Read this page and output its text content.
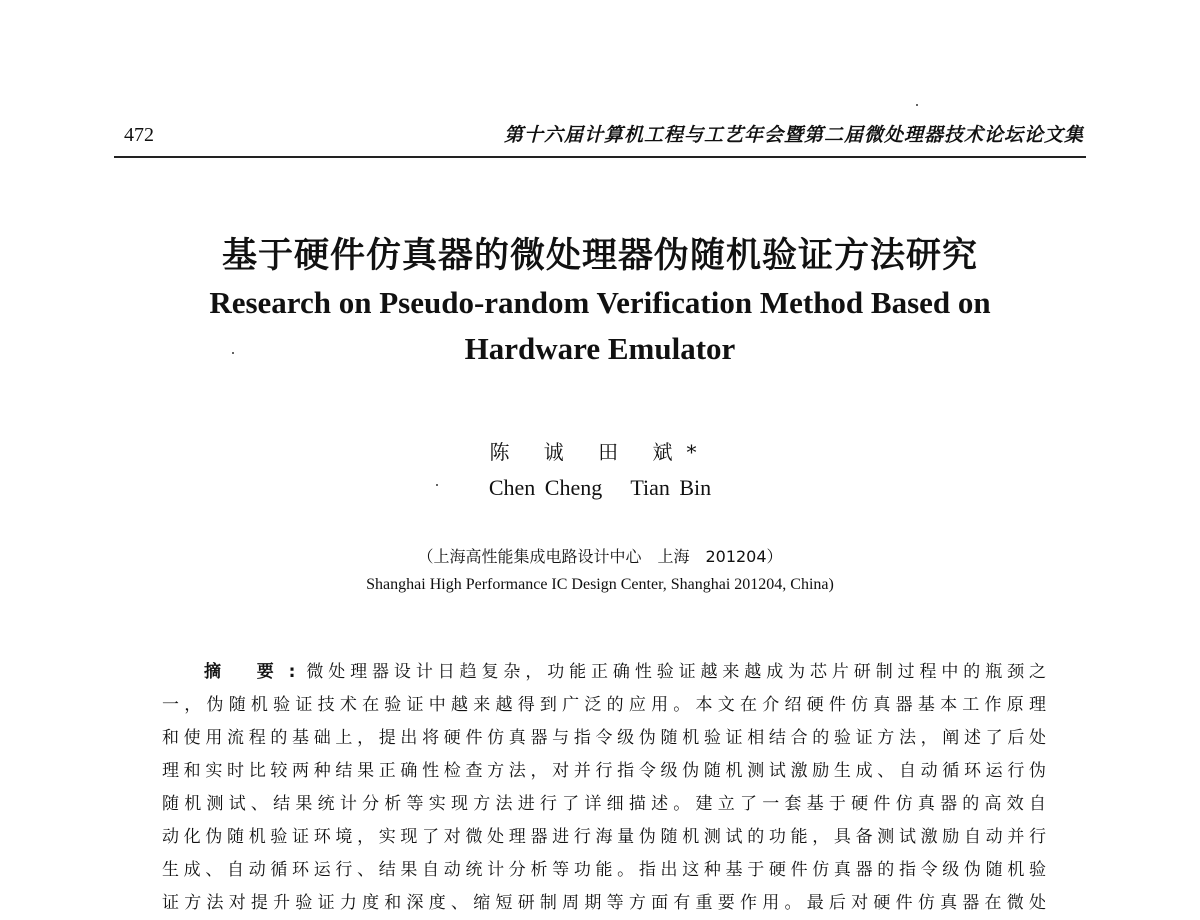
472	第十六届计算机工程与工艺年会暨第二届微处理器技术论坛论文集
基于硬件仿真器的微处理器伪随机验证方法研究
Research on Pseudo-random Verification Method Based on
Hardware Emulator
陈 诚 田 斌*
Chen Cheng   Tian Bin
（上海高性能集成电路设计中心　上海　201204）
Shanghai High Performance IC Design Center, Shanghai 201204, China)
摘 要:微处理器设计日趋复杂，功能正确性验证越来越成为芯片研制过程中的瓶颈之
一，伪随机验证技术在验证中越来越得到广泛的应用。本文在介绍硬件仿真器基本工作原理
和使用流程的基础上，提出将硬件仿真器与指令级伪随机验证相结合的验证方法，阐述了后处
理和实时比较两种结果正确性检查方法，对并行指令级伪随机测试激励生成、自动循环运行伪
随机测试、结果统计分析等实现方法进行了详细描述。建立了一套基于硬件仿真器的高效自
动化伪随机验证环境，实现了对微处理器进行海量伪随机测试的功能，具备测试激励自动并行
生成、自动循环运行、结果自动统计分析等功能。指出这种基于硬件仿真器的指令级伪随机验
证方法对提升验证力度和深度、缩短研制周期等方面有重要作用。最后对硬件仿真器在微处
